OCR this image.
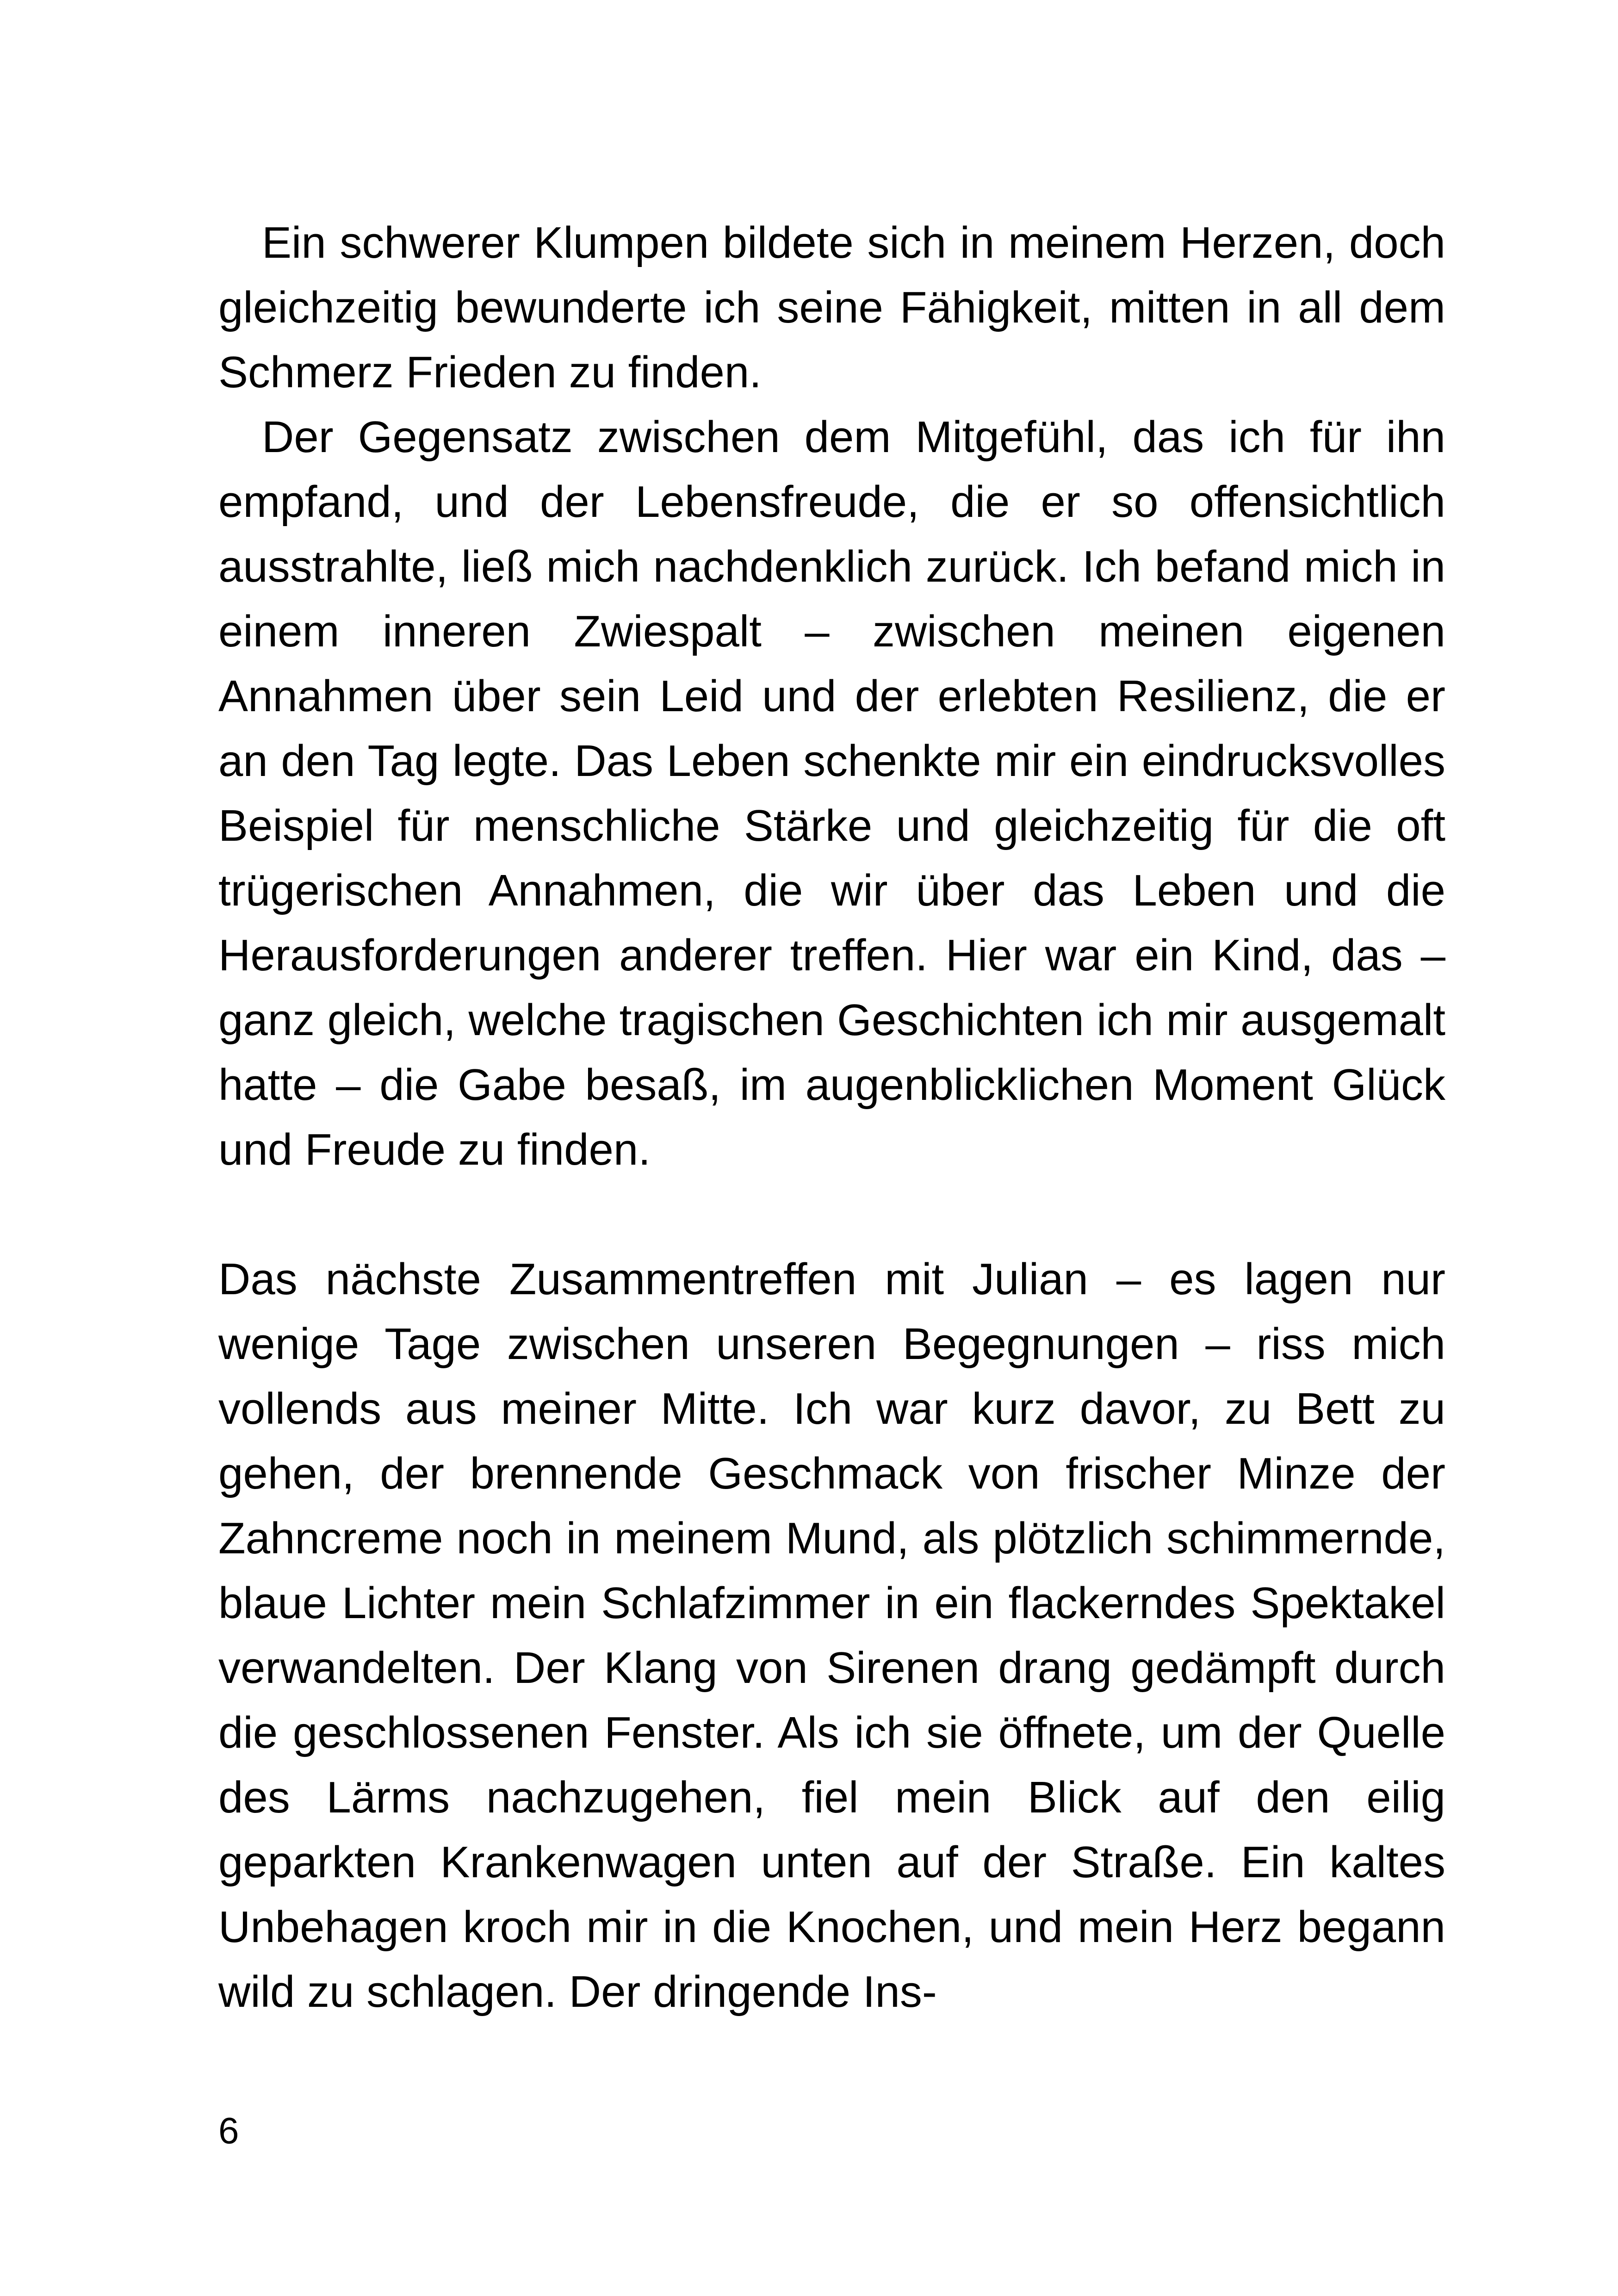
Ein schwerer Klumpen bildete sich in meinem Herzen, doch gleichzeitig bewunderte ich seine Fähigkeit, mitten in all dem Schmerz Frieden zu finden.

Der Gegensatz zwischen dem Mitgefühl, das ich für ihn empfand, und der Lebensfreude, die er so offensichtlich ausstrahlte, ließ mich nachdenklich zurück. Ich befand mich in einem inneren Zwiespalt – zwischen meinen eigenen Annahmen über sein Leid und der erlebten Resilienz, die er an den Tag legte. Das Leben schenkte mir ein eindrucksvolles Beispiel für menschliche Stärke und gleichzeitig für die oft trügerischen Annahmen, die wir über das Leben und die Herausforderungen anderer treffen. Hier war ein Kind, das – ganz gleich, welche tragischen Geschichten ich mir ausgemalt hatte – die Gabe besaß, im augenblicklichen Moment Glück und Freude zu finden.

Das nächste Zusammentreffen mit Julian – es lagen nur wenige Tage zwischen unseren Begegnungen – riss mich vollends aus meiner Mitte. Ich war kurz davor, zu Bett zu gehen, der brennende Geschmack von frischer Minze der Zahncreme noch in meinem Mund, als plötzlich schimmernde, blaue Lichter mein Schlafzimmer in ein flackerndes Spektakel verwandelten. Der Klang von Sirenen drang gedämpft durch die geschlossenen Fenster. Als ich sie öffnete, um der Quelle des Lärms nachzugehen, fiel mein Blick auf den eilig geparkten Krankenwagen unten auf der Straße. Ein kaltes Unbehagen kroch mir in die Knochen, und mein Herz begann wild zu schlagen. Der dringende Ins-

6
